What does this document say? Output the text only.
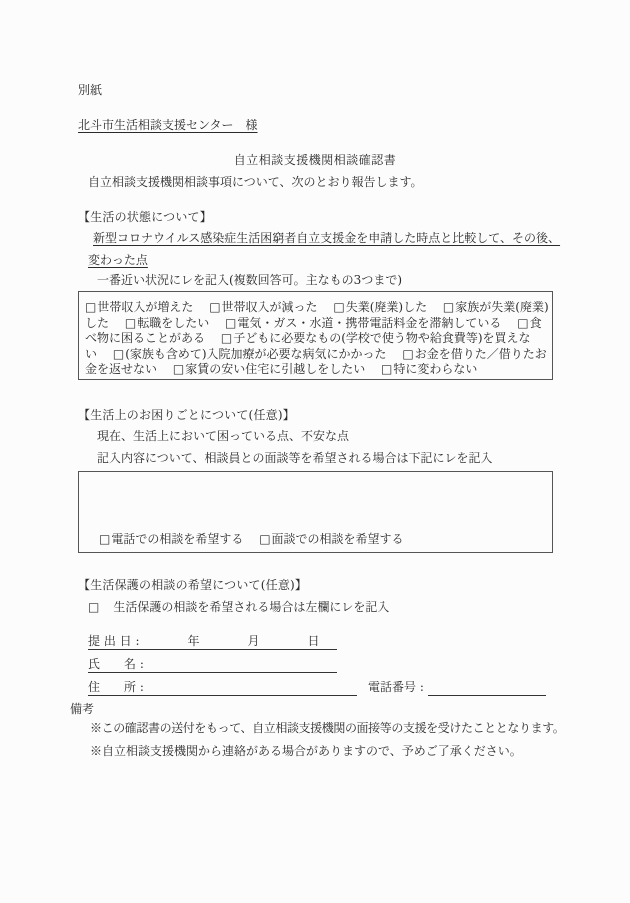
別紙
北斗市生活相談支援センター　様
自立相談支援機関相談確認書
自立相談支援機関相談事項について、次のとおり報告します。
【生活の状態について】
新型コロナウイルス感染症生活困窮者自立支援金を申請した時点と比較して、その後、
変わった点
一番近い状況にレを記入(複数回答可。主なもの3つまで)
□世帯収入が増えた □世帯収入が減った □失業(廃業)した □家族が失業(廃業)した □転職をしたい □電気・ガス・水道・携帯電話料金を滞納している □食べ物に困ることがある □子どもに必要なもの(学校で使う物や給食費等)を買えない □(家族も含めて)入院加療が必要な病気にかかった □お金を借りた／借りたお金を返せない □家賃の安い住宅に引越しをしたい □特に変わらない
【生活上のお困りごとについて(任意)】
現在、生活上において困っている点、不安な点
記入内容について、相談員との面談等を希望される場合は下記にレを記入
□電話での相談を希望する □面談での相談を希望する
【生活保護の相談の希望について(任意)】
□ 生活保護の相談を希望される場合は左欄にレを記入
提 出 日 :　　　　年　　　　月　　　　日
氏　　名 :
住　　所 :	電話番号 :
備考
※この確認書の送付をもって、自立相談支援機関の面接等の支援を受けたこととなります。
※自立相談支援機関から連絡がある場合がありますので、予めご了承ください。
